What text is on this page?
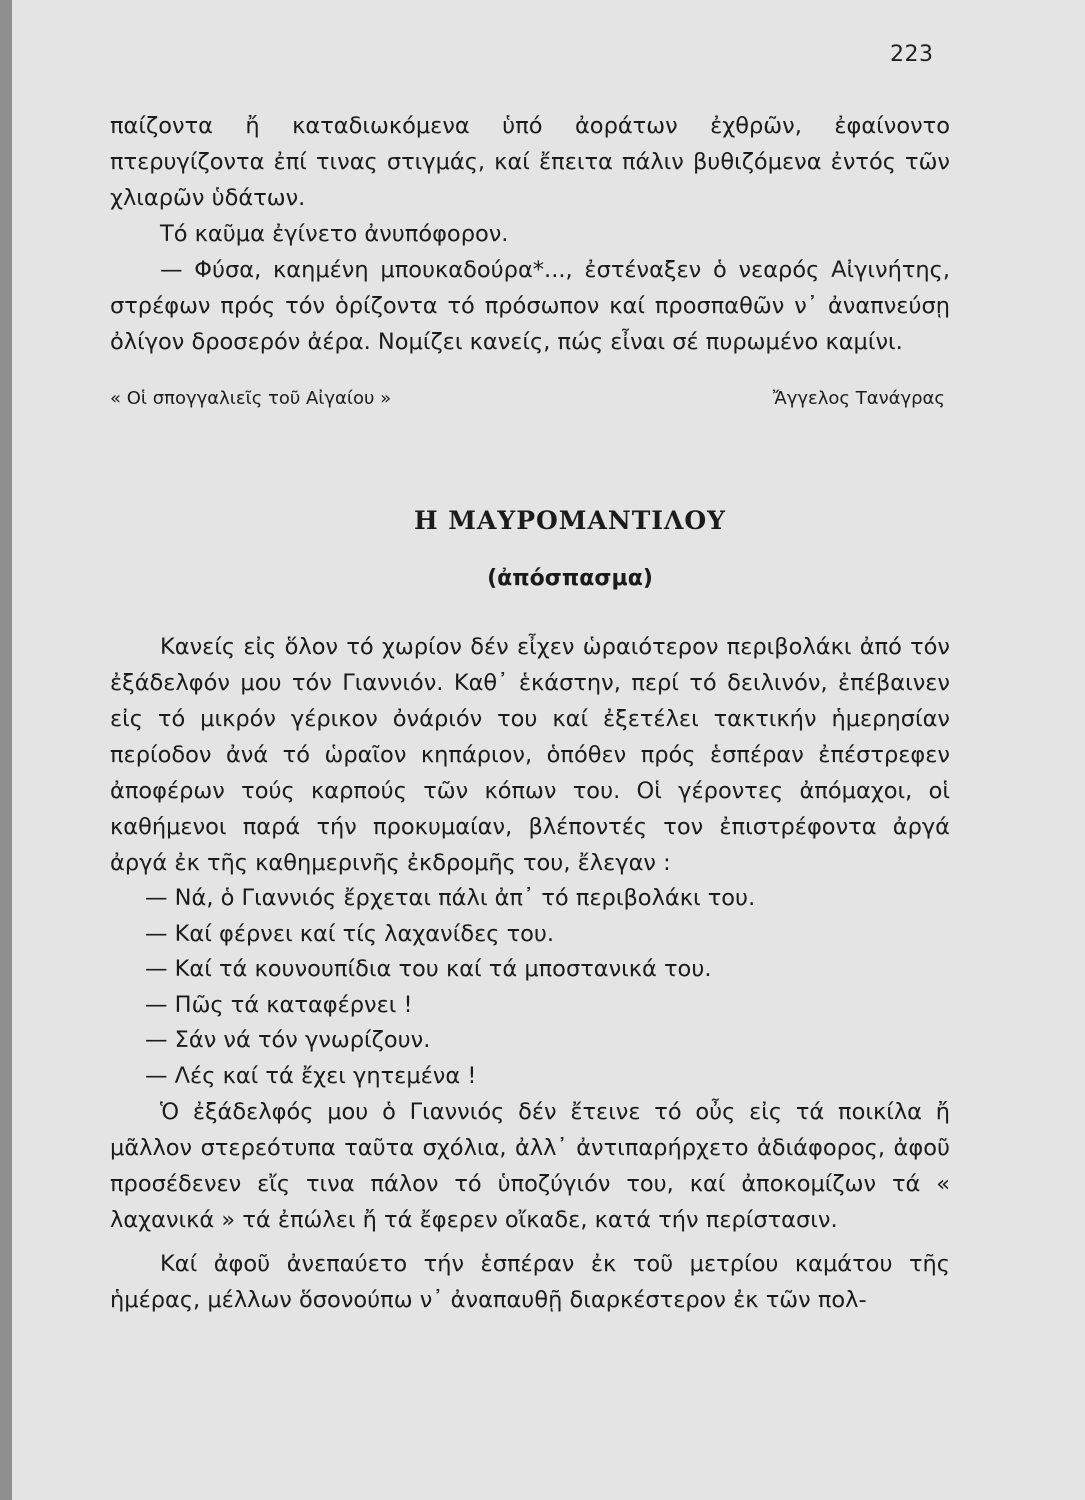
223

παίζοντα ἤ καταδιωκόμενα ὑπό ἀοράτων ἐχθρῶν, ἐφαίνοντο πτερυγίζοντα ἐπί τινας στιγμάς, καί ἔπειτα πάλιν βυθιζόμενα ἐντός τῶν χλιαρῶν ὑδάτων.

Τό καῦμα ἐγίνετο ἀνυπόφορον.

— Φύσα, καημένη μπουκαδούρα*..., ἐστέναξεν ὁ νεαρός Αἰγινήτης, στρέφων πρός τόν ὁρίζοντα τό πρόσωπον καί προσπαθῶν ν᾽ ἀναπνεύσῃ ὀλίγον δροσερόν ἀέρα. Νομίζει κανείς, πώς εἶναι σέ πυρωμένο καμίνι.

« Οἱ σπογγαλιεῖς τοῦ Αἰγαίου »	Ἄγγελος Τανάγρας
Η ΜΑΥΡΟΜΑΝΤΙΛΟΥ
(ἀπόσπασμα)

Κανείς εἰς ὅλον τό χωρίον δέν εἶχεν ὡραιότερον περιβολάκι ἀπό τόν ἐξάδελφόν μου τόν Γιαννιόν. Καθ᾽ ἑκάστην, περί τό δειλινόν, ἐπέβαινεν εἰς τό μικρόν γέρικον ὀνάριόν του καί ἐξετέλει τακτικήν ἡμερησίαν περίοδον ἀνά τό ὡραῖον κηπάριον, ὁπόθεν πρός ἑσπέραν ἐπέστρεφεν ἀποφέρων τούς καρπούς τῶν κόπων του. Οἱ γέροντες ἀπόμαχοι, οἱ καθήμενοι παρά τήν προκυμαίαν, βλέποντές τον ἐπιστρέφοντα ἀργά ἀργά ἐκ τῆς καθημερινῆς ἐκδρομῆς του, ἔλεγαν :

— Νά, ὁ Γιαννιός ἔρχεται πάλι ἀπ᾽ τό περιβολάκι του.

— Καί φέρνει καί τίς λαχανίδες του.

— Καί τά κουνουπίδια του καί τά μποστανικά του.

— Πῶς τά καταφέρνει !

— Σάν νά τόν γνωρίζουν.

— Λές καί τά ἔχει γητεμένα !

Ὁ ἐξάδελφός μου ὁ Γιαννιός δέν ἔτεινε τό οὖς εἰς τά ποικίλα ἤ μᾶλλον στερεότυπα ταῦτα σχόλια, ἀλλ᾽ ἀντιπαρήρχετο ἀδιάφορος, ἀφοῦ προσέδενεν εἴς τινα πάλον τό ὑποζύγιόν του, καί ἀποκομίζων τά « λαχανικά » τά ἐπώλει ἤ τά ἔφερεν οἴκαδε, κατά τήν περίστασιν.

Καί ἀφοῦ ἀνεπαύετο τήν ἑσπέραν ἐκ τοῦ μετρίου καμάτου τῆς ἡμέρας, μέλλων ὅσονούπω ν᾽ ἀναπαυθῇ διαρκέστερον ἐκ τῶν πολ-
